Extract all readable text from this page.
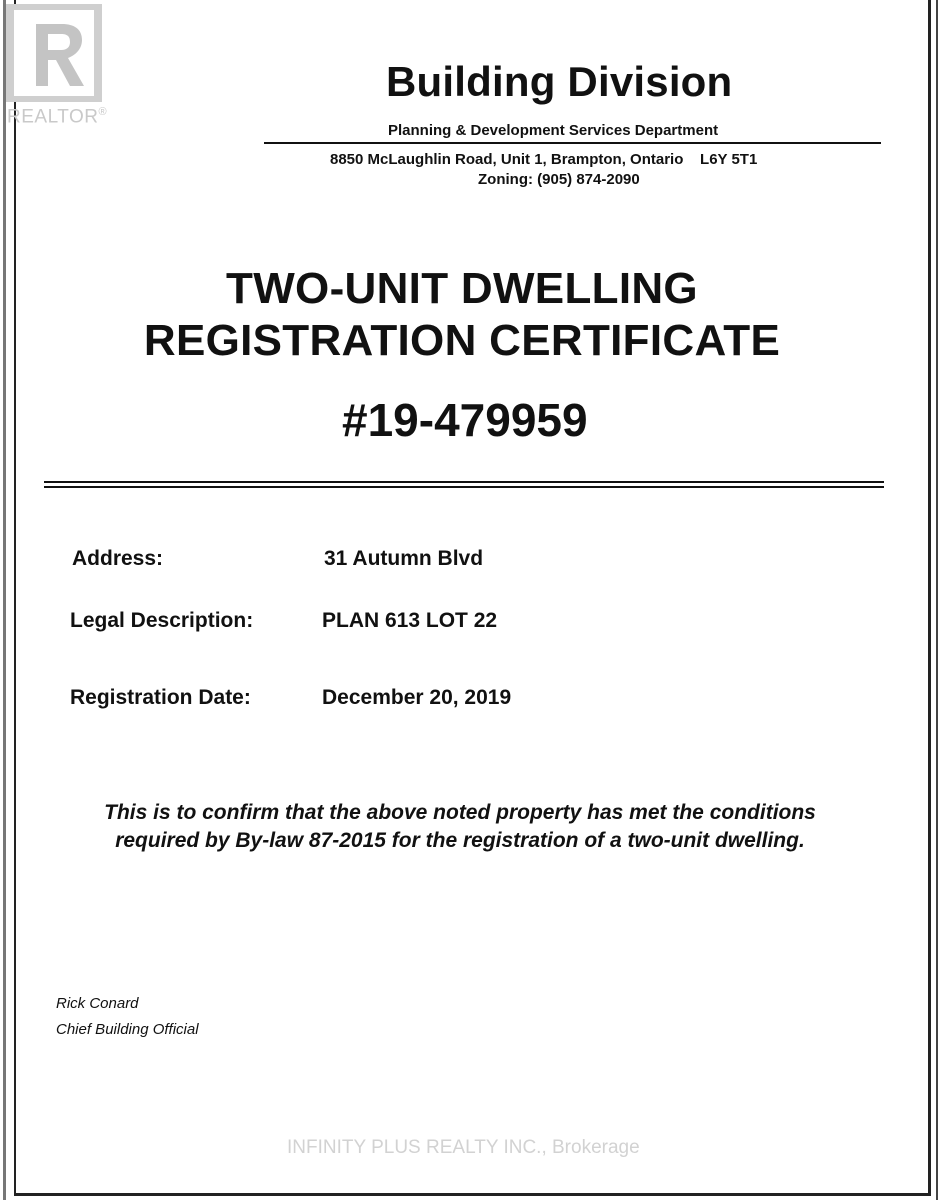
REALTOR®
Building Division
Planning & Development Services Department
8850 McLaughlin Road, Unit 1, Brampton, Ontario    L6Y 5T1
Zoning: (905) 874-2090
TWO-UNIT DWELLING
REGISTRATION CERTIFICATE
#19-479959
Address:	31 Autumn Blvd
Legal Description:	PLAN 613 LOT 22
Registration Date:	December 20, 2019
This is to confirm that the above noted property has met the conditions
required by By-law 87-2015 for the registration of a two-unit dwelling.
Rick Conard
Chief Building Official
INFINITY PLUS REALTY INC., Brokerage
